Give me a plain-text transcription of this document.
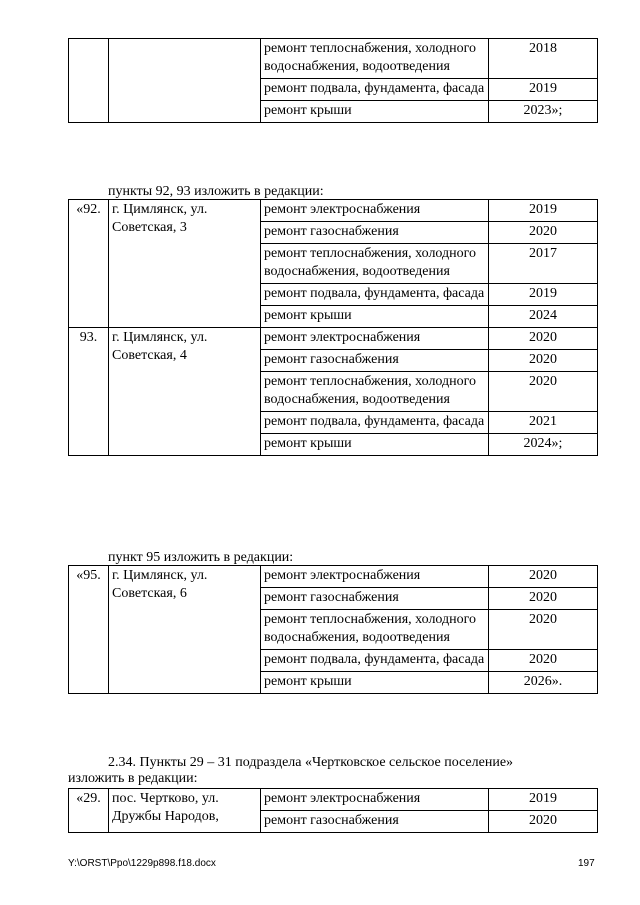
		ремонт теплоснабжения, холодного водоснабжения, водоотведения	2018
		ремонт подвала, фундамента, фасада	2019
		ремонт крыши	2023»;
пункты 92, 93 изложить в редакции:
«92.	г. Цимлянск, ул. Советская, 3	ремонт электроснабжения	2019
		ремонт газоснабжения	2020
		ремонт теплоснабжения, холодного водоснабжения, водоотведения	2017
		ремонт подвала, фундамента, фасада	2019
		ремонт крыши	2024
93.	г. Цимлянск, ул. Советская, 4	ремонт электроснабжения	2020
		ремонт газоснабжения	2020
		ремонт теплоснабжения, холодного водоснабжения, водоотведения	2020
		ремонт подвала, фундамента, фасада	2021
		ремонт крыши	2024»;
пункт 95 изложить в редакции:
«95.	г. Цимлянск, ул. Советская, 6	ремонт электроснабжения	2020
		ремонт газоснабжения	2020
		ремонт теплоснабжения, холодного водоснабжения, водоотведения	2020
		ремонт подвала, фундамента, фасада	2020
		ремонт крыши	2026».
2.34. Пункты 29 – 31 подраздела «Чертковское сельское поселение»
изложить в редакции:
«29.	пос. Чертково, ул. Дружбы Народов,	ремонт электроснабжения	2019
		ремонт газоснабжения	2020
Y:\ORST\Ppo\1229p898.f18.docx	197
